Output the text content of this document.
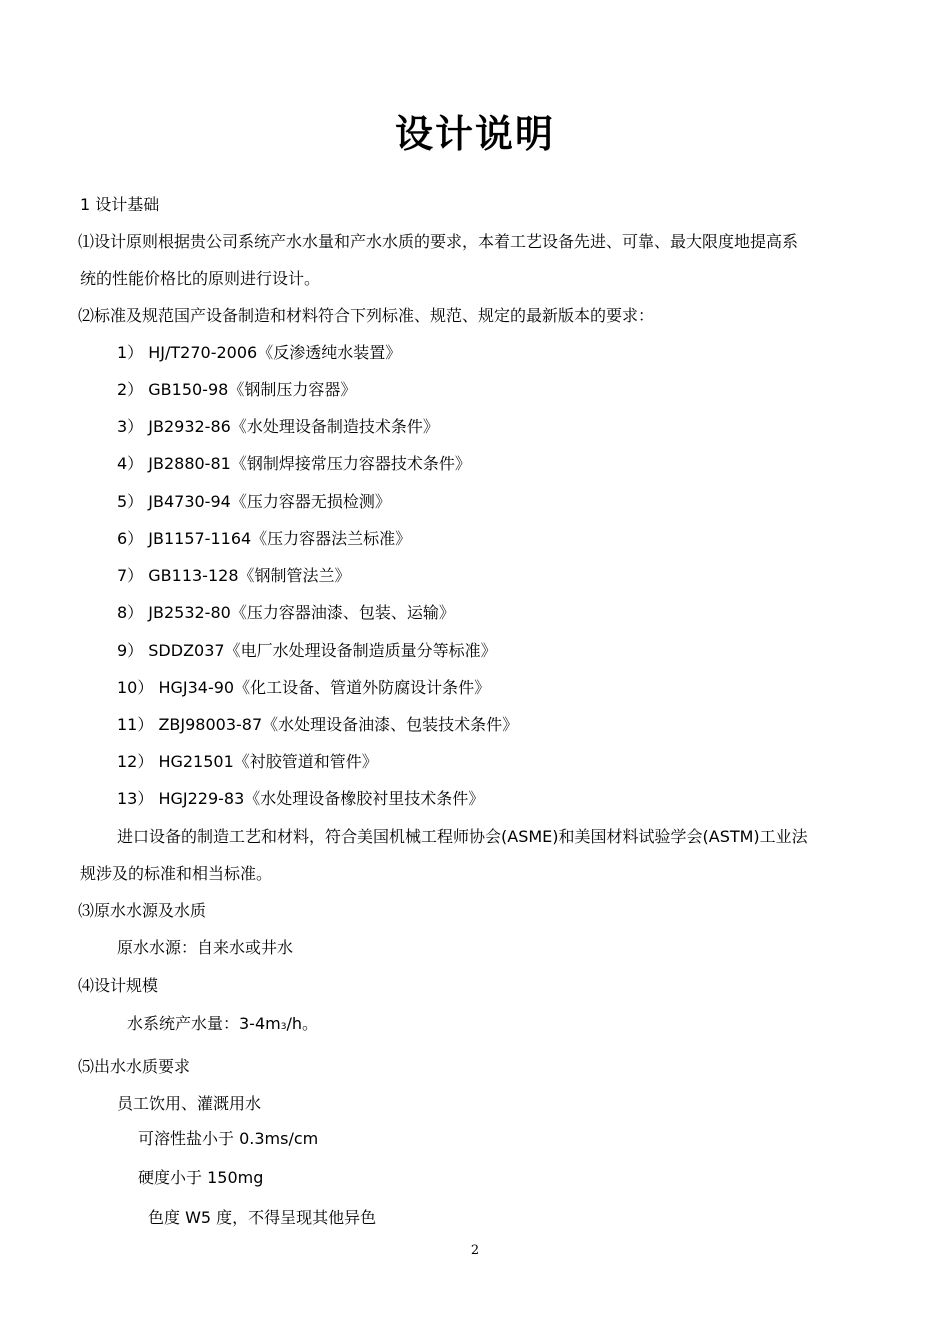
设计说明
1 设计基础
⑴设计原则根据贵公司系统产水水量和产水水质的要求，本着工艺设备先进、可靠、最大限度地提高系
统的性能价格比的原则进行设计。
⑵标准及规范国产设备制造和材料符合下列标准、规范、规定的最新版本的要求：
1） HJ/T270-2006《反渗透纯水装置》
2） GB150-98《钢制压力容器》
3） JB2932-86《水处理设备制造技术条件》
4） JB2880-81《钢制焊接常压力容器技术条件》
5） JB4730-94《压力容器无损检测》
6） JB1157-1164《压力容器法兰标准》
7） GB113-128《钢制管法兰》
8） JB2532-80《压力容器油漆、包装、运输》
9） SDDZ037《电厂水处理设备制造质量分等标准》
10） HGJ34-90《化工设备、管道外防腐设计条件》
11） ZBJ98003-87《水处理设备油漆、包装技术条件》
12） HG21501《衬胶管道和管件》
13） HGJ229-83《水处理设备橡胶衬里技术条件》
进口设备的制造工艺和材料，符合美国机械工程师协会(ASME)和美国材料试验学会(ASTM)工业法
规涉及的标准和相当标准。
⑶原水水源及水质
原水水源：自来水或井水
⑷设计规模
水系统产水量：3-4m3/h。
⑸出水水质要求
员工饮用、灌溉用水
可溶性盐小于 0.3ms/cm
硬度小于 150mg
色度 W5 度，不得呈现其他异色
2
